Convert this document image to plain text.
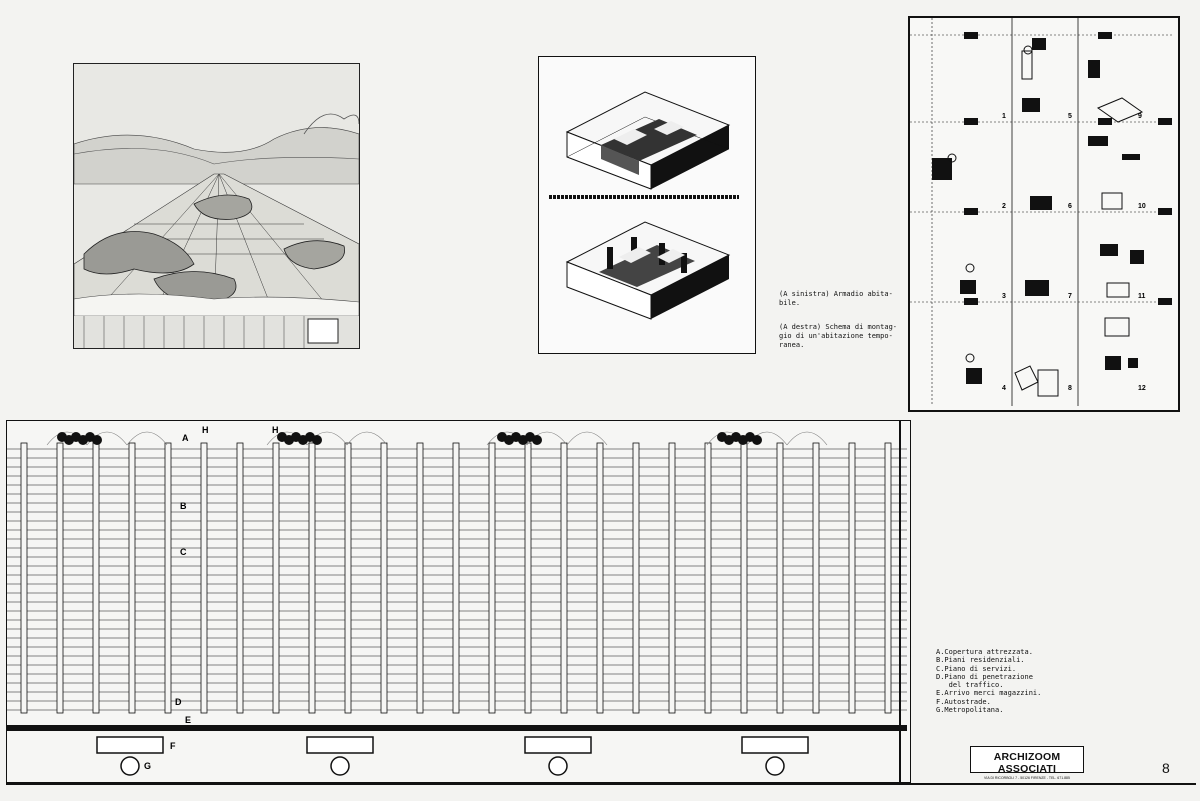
(A sinistra) Armadio abita-
bile.

(A destra) Schema di montag-
gio di un'abitazione tempo-
ranea.

1
2
3
4
5
6
7
8
9
10
11
12
A
H	H
B
C
D
E
F
G
A.Copertura attrezzata.
B.Piani residenziali.
C.Piano di servizi.
D.Piano di penetrazione
del traffico.
E.Arrivo merci magazzini.
F.Autostrade.
G.Metropolitana.
ARCHIZOOM ASSOCIATI
VIA DI RICORBOLI 7 - 50126 FIRENZE - TEL. 671.885
8
